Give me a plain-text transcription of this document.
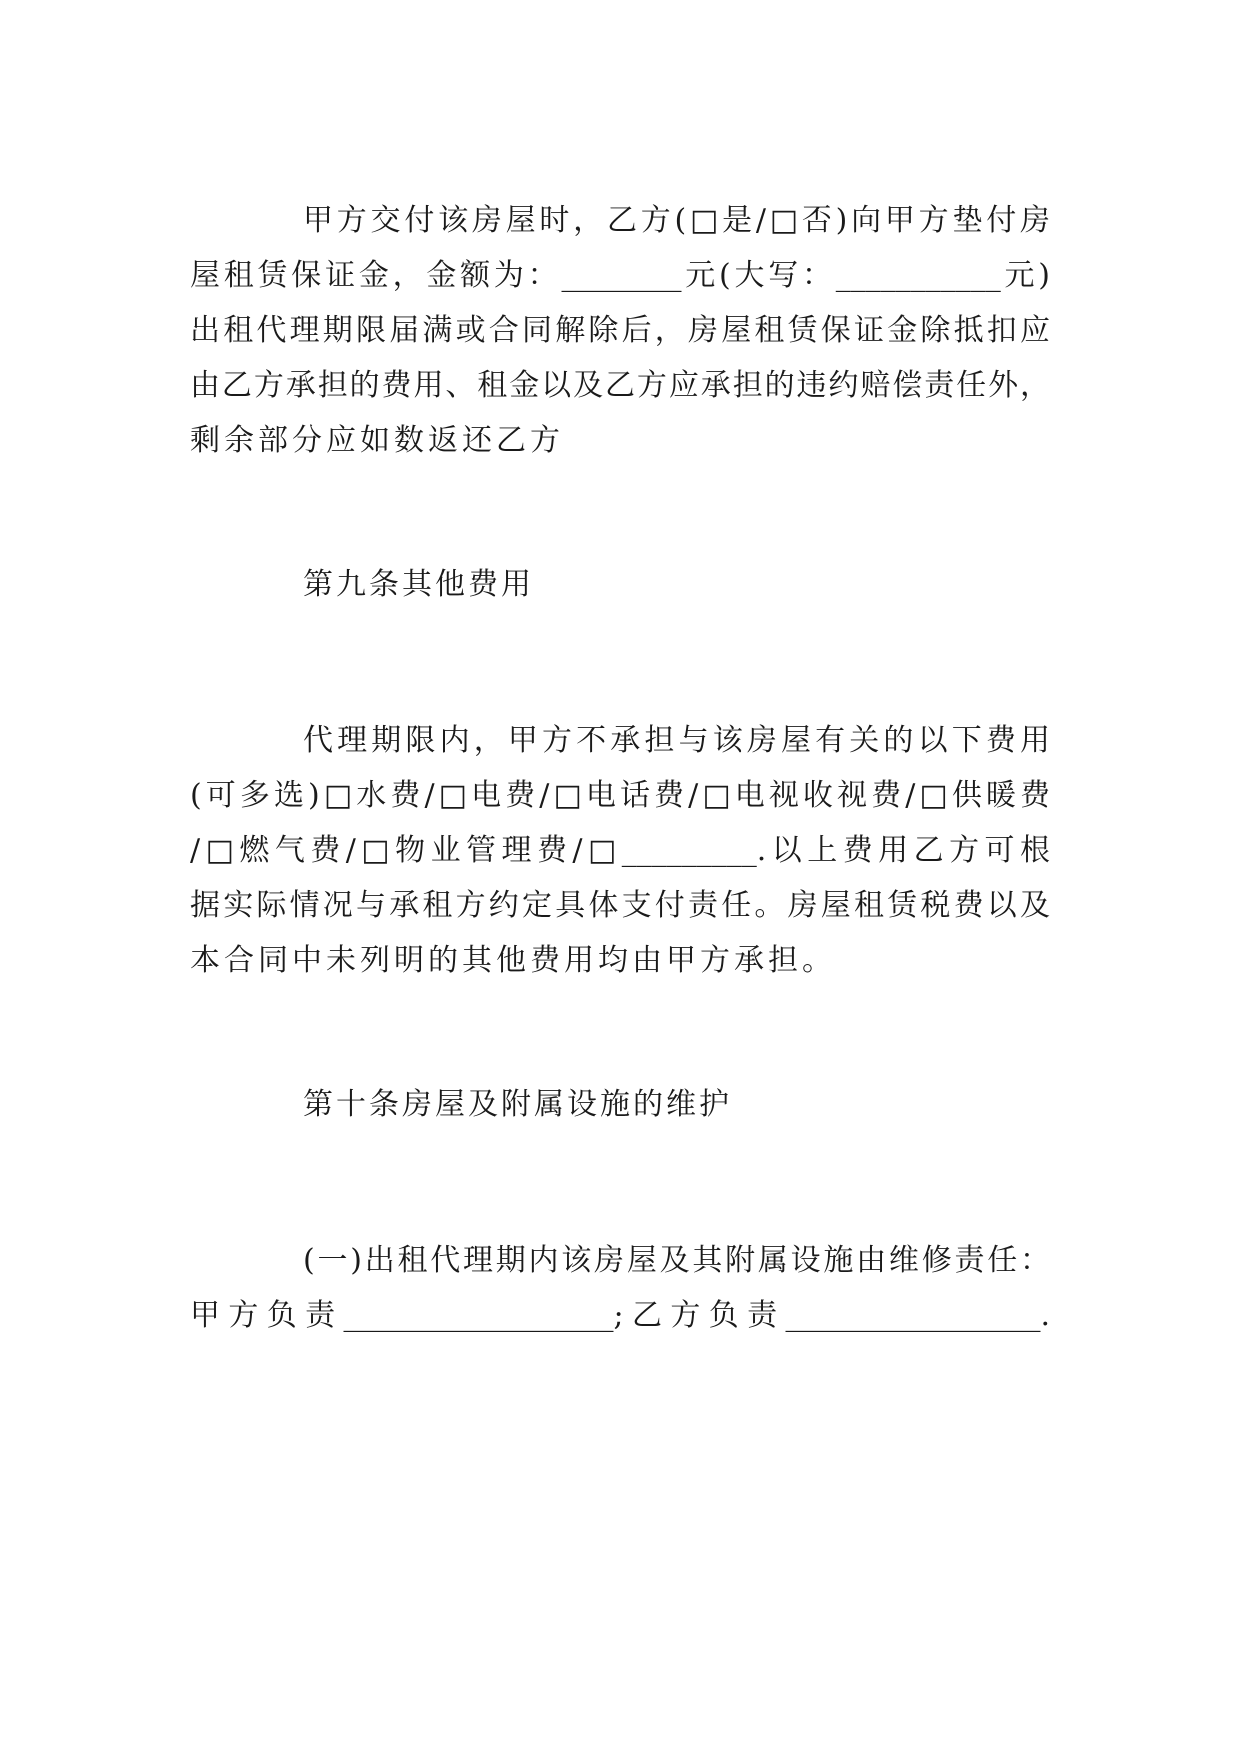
甲方交付该房屋时，乙方(□是/□否)向甲方垫付房
屋租赁保证金，金额为：________元(大写：___________元)
出租代理期限届满或合同解除后，房屋租赁保证金除抵扣应
由乙方承担的费用、租金以及乙方应承担的违约赔偿责任外，
剩余部分应如数返还乙方
第九条其他费用
代理期限内，甲方不承担与该房屋有关的以下费用
(可多选)□水费/□电费/□电话费/□电视收视费/□供暖费
/□燃气费/□物业管理费/□_________.以上费用乙方可根
据实际情况与承租方约定具体支付责任。房屋租赁税费以及
本合同中未列明的其他费用均由甲方承担。
第十条房屋及附属设施的维护
(一)出租代理期内该房屋及其附属设施由维修责任：
甲方负责__________________;乙方负责_________________.
